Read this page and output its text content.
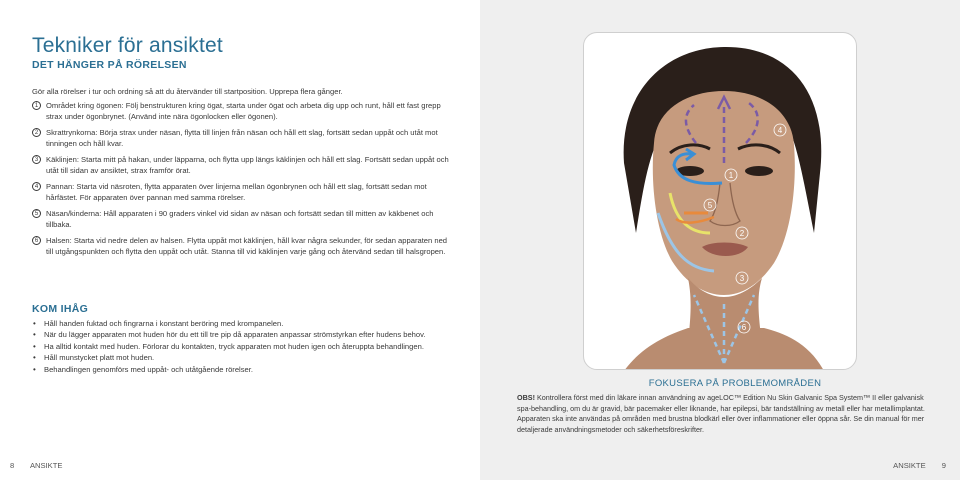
Tekniker för ansiktet
DET HÄNGER PÅ RÖRELSEN
Gör alla rörelser i tur och ordning så att du återvänder till startposition. Upprepa flera gånger.
1	Området kring ögonen: Följ benstrukturen kring ögat, starta under ögat och arbeta dig upp och runt, håll ett fast grepp strax under ögonbrynet. (Använd inte nära ögonlocken eller ögonen).
2	Skrattrynkorna: Börja strax under näsan, flytta till linjen från näsan och håll ett slag, fortsätt sedan uppåt och utåt mot tinningen och håll kvar.
3	Käklinjen: Starta mitt på hakan, under läpparna, och flytta upp längs käklinjen och håll ett slag. Fortsätt sedan uppåt och utåt till sidan av ansiktet, strax framför örat.
4	Pannan: Starta vid näsroten, flytta apparaten över linjerna mellan ögonbrynen och håll ett slag, fortsätt sedan mot hårfästet. För apparaten över pannan med samma rörelser.
5	Näsan/kinderna: Håll apparaten i 90 graders vinkel vid sidan av näsan och fortsätt sedan till mitten av käkbenet och tillbaka.
6	Halsen: Starta vid nedre delen av halsen. Flytta uppåt mot käklinjen, håll kvar några sekunder, för sedan apparaten ned till utgångspunkten och flytta den uppåt och utåt. Stanna till vid käklinjen varje gång och återvänd sedan till halsgropen.
KOM IHÅG
• Håll handen fuktad och fingrarna i konstant beröring med krompanelen.
• När du lägger apparaten mot huden hör du ett till tre pip då apparaten anpassar strömstyrkan efter hudens behov.
• Ha alltid kontakt med huden. Förlorar du kontakten, tryck apparaten mot huden igen och återuppta behandlingen.
• Håll munstycket platt mot huden.
• Behandlingen genomförs med uppåt- och utåtgående rörelser.
8 ANSIKTE
1
2
3
4
5
6
FOKUSERA PÅ PROBLEMOMRÅDEN
OBS! Kontrollera först med din läkare innan användning av ageLOC™ Edition Nu Skin Galvanic Spa System™ II eller galvanisk spa-behandling, om du är gravid, bär pacemaker eller liknande, har epilepsi, bär tandställning av metall eller har metallimplantat. Apparaten ska inte användas på områden med brustna blodkärl eller över inflammationer eller öppna sår. Se din manual för mer detaljerade användningsmetoder och säkerhetsföreskrifter.
ANSIKTE 9
